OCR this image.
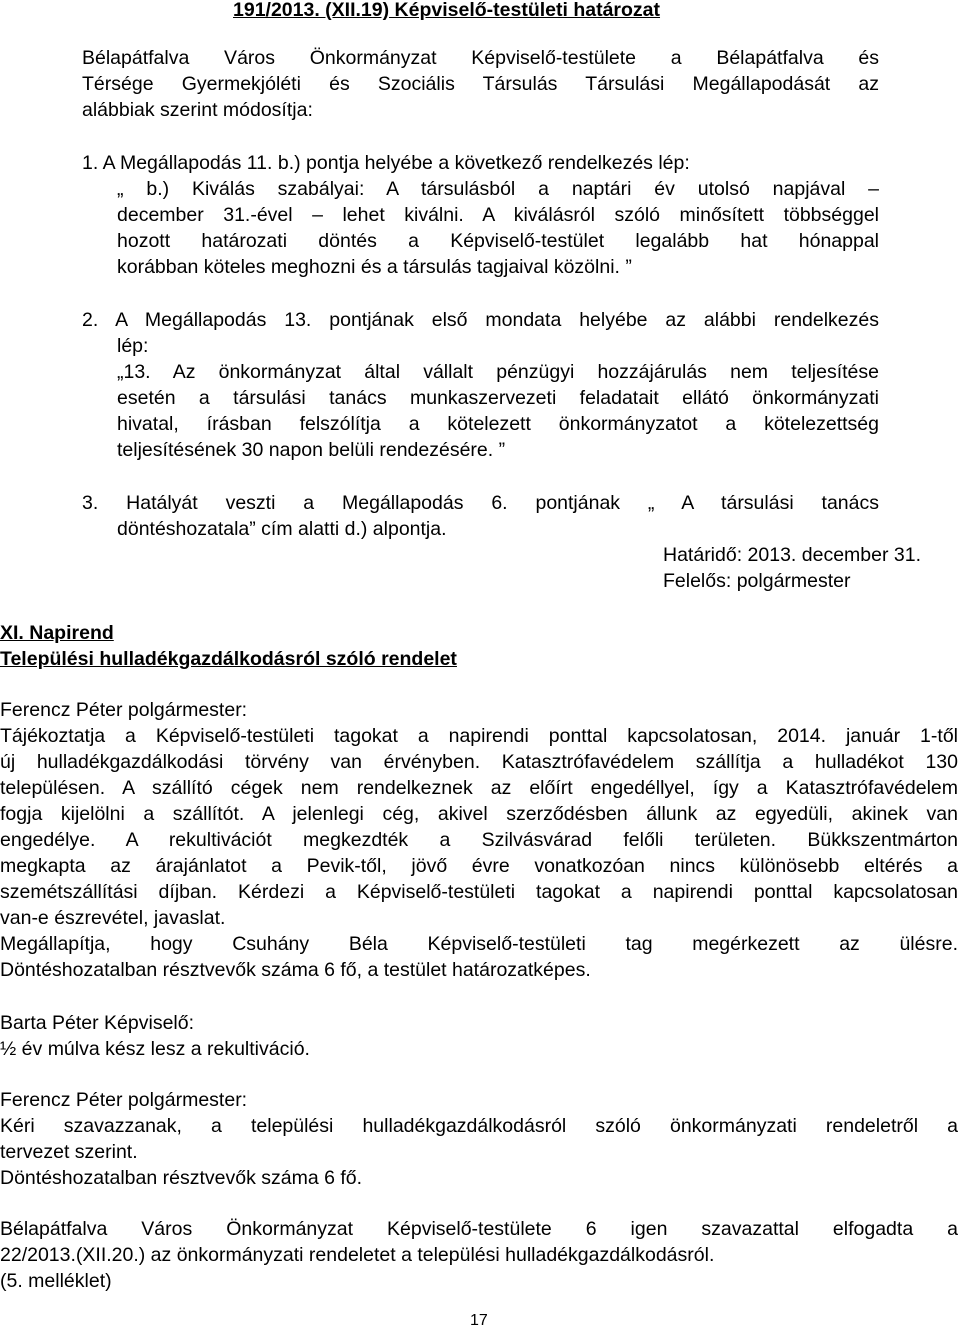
191/2013. (XII.19) Képviselő-testületi határozat
Bélapátfalva Város Önkormányzat Képviselő-testülete a Bélapátfalva és
Térsége Gyermekjóléti és Szociális Társulás Társulási Megállapodását az
alábbiak szerint módosítja:
1. A Megállapodás 11. b.) pontja helyébe a következő rendelkezés lép:
„ b.) Kiválás szabályai: A társulásból a naptári év utolsó napjával –
december 31.-ével – lehet kiválni. A kiválásról szóló minősített többséggel
hozott határozati döntés a Képviselő-testület legalább hat hónappal
korábban köteles meghozni és a társulás tagjaival közölni. ”
2. A Megállapodás 13. pontjának első mondata helyébe az alábbi rendelkezés
lép:
„13. Az önkormányzat által vállalt pénzügyi hozzájárulás nem teljesítése
esetén a társulási tanács munkaszervezeti feladatait ellátó önkormányzati
hivatal, írásban felszólítja a kötelezett önkormányzatot a kötelezettség
teljesítésének 30 napon belüli rendezésére. ”
3. Hatályát veszti a Megállapodás 6. pontjának „ A társulási tanács
döntéshozatala” cím alatti d.) alpontja.
Határidő: 2013. december 31.
Felelős: polgármester
XI. Napirend
Települési hulladékgazdálkodásról szóló rendelet
Ferencz Péter polgármester:
Tájékoztatja a Képviselő-testületi tagokat a napirendi ponttal kapcsolatosan, 2014. január 1-től
új hulladékgazdálkodási törvény van érvényben. Katasztrófavédelem szállítja a hulladékot 130
településen. A szállító cégek nem rendelkeznek az előírt engedéllyel, így a Katasztrófavédelem
fogja kijelölni a szállítót. A jelenlegi cég, akivel szerződésben állunk az egyedüli, akinek van
engedélye. A rekultivációt megkezdték a Szilvásvárad felőli területen. Bükkszentmárton
megkapta az árajánlatot a Pevik-től, jövő évre vonatkozóan nincs különösebb eltérés a
szemétszállítási díjban. Kérdezi a Képviselő-testületi tagokat a napirendi ponttal kapcsolatosan
van-e észrevétel, javaslat.
Megállapítja, hogy Csuhány Béla Képviselő-testületi tag megérkezett az ülésre.
Döntéshozatalban résztvevők száma 6 fő, a testület határozatképes.
Barta Péter Képviselő:
½ év múlva kész lesz a rekultiváció.
Ferencz Péter polgármester:
Kéri szavazzanak, a települési hulladékgazdálkodásról szóló önkormányzati rendeletről a
tervezet szerint.
Döntéshozatalban résztvevők száma 6 fő.
Bélapátfalva Város Önkormányzat Képviselő-testülete 6 igen szavazattal elfogadta a
22/2013.(XII.20.) az önkormányzati rendeletet a települési hulladékgazdálkodásról.
(5. melléklet)
17
